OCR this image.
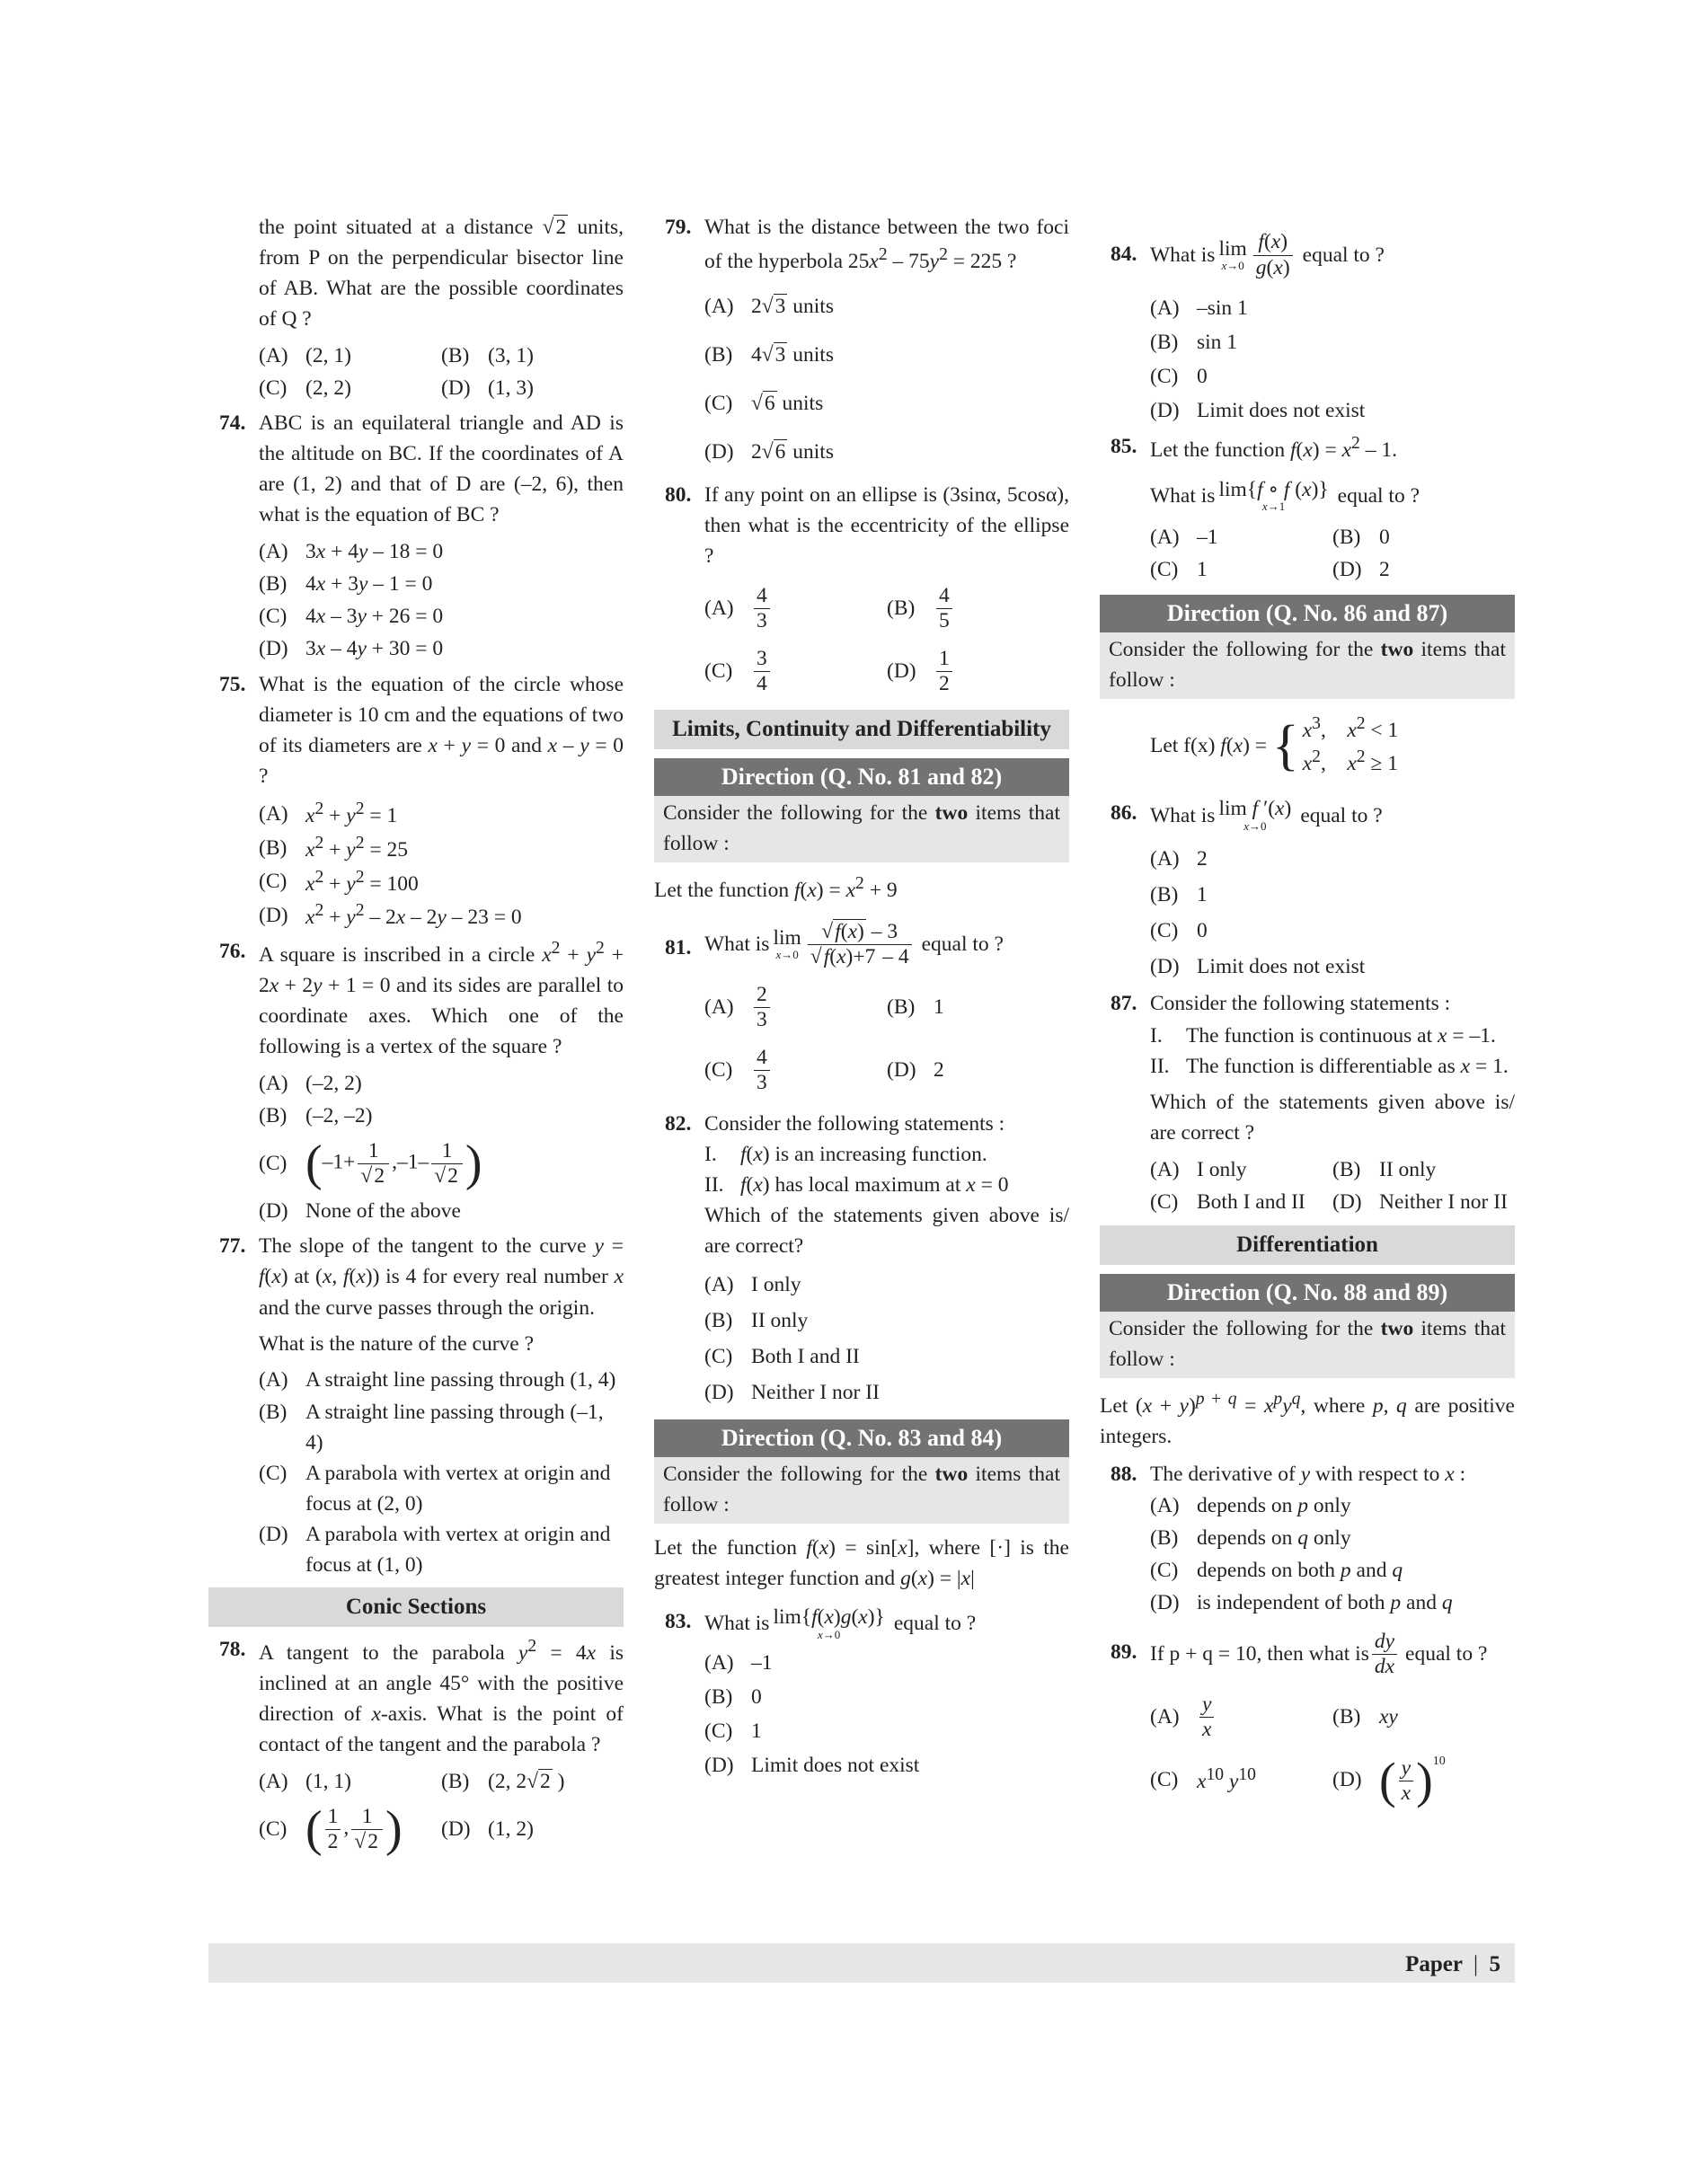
the point situated at a distance √2 units, from P on the perpendicular bisector line of AB. What are the possible coordinates of Q ?

(A) (2, 1)	(B) (3, 1)
(C) (2, 2)	(D) (1, 3)
74. ABC is an equilateral triangle and AD is the altitude on BC. If the coordinates of A are (1, 2) and that of D are (–2, 6), then what is the equation of BC ?

(A) 3x + 4y – 18 = 0
(B) 4x + 3y – 1 = 0
(C) 4x – 3y + 26 = 0
(D) 3x – 4y + 30 = 0
75. What is the equation of the circle whose diameter is 10 cm and the equations of two of its diameters are x + y = 0 and x – y = 0 ?

(A) $x^2 + y^2 = 1$
(B) $x^2 + y^2 = 25$
(C) $x^2 + y^2 = 100$
(D) $x^2 + y^2 - 2x - 2y - 23 = 0$
76. A square is inscribed in a circle $x^2 + y^2 + 2x + 2y + 1 = 0$ and its sides are parallel to coordinate axes. Which one of the following is a vertex of the square ?

(A) (–2, 2)
(B) (–2, –2)
(C) ($-1+ \frac{1}{√2} ,-1- \frac{1}{√2}$ )
(D) None of the above
77. The slope of the tangent to the curve y = f(x) at (x, f(x)) is 4 for every real number x and the curve passes through the origin.

What is the nature of the curve ?

(A) A straight line passing through (1, 4)
(B) A straight line passing through (–1, 4)
(C) A parabola with vertex at origin and focus at (2, 0)
(D) A parabola with vertex at origin and focus at (1, 0)
Conic Sections
78. A tangent to the parabola $y^2 = 4x$ is inclined at an angle 45° with the positive direction of x-axis. What is the point of contact of the tangent and the parabola ?

(A) (1, 1)	(B) (2, 2√2 )
(C) ( $\frac{1}{2}$ , $\frac{1}{√2}$ ) (D) (1, 2)
79. What is the distance between the two foci of the hyperbola $25x^2 - 75y^2 = 225$ ?

(A) 2√3 units
(B) 4√3 units
(C) √6 units
(D) 2√6 units
80. If any point on an ellipse is (3sinα, 5cosα), then what is the eccentricity of the ellipse ?

$(A) \frac{4}{3}$	(B)	$\frac{4}{5}$
(C)	$\frac{3}{4}$	$(D) \frac{1}{2}$
Limits, Continuity and Differentiability
Direction (Q. No. 81 and 82)
Consider the following for the two items that follow :

Let the function $f(x) = x^2 + 9$

81. What is lim
$x\to 0 \frac{√f(x) - 3}{√f(x)+7 - 4}$ equal to ?
$(A) \frac{2}{3}$	(B) 1
(C)	$\frac{4}{3}$	(D) 2
82. Consider the following statements :

I.	f(x) is an increasing function.
II. f(x) has local maximum at x = 0

Which of the statements given above is/ are correct?

(A) I only
(B) II only
(C) Both I and II
(D) Neither I nor II
Direction (Q. No. 83 and 84)
Consider the following for the two items that follow :

Let the function f(x) = sin[x], where [·] is the greatest integer function and g(x) = |x|

83. What is lim{f(x)g(x)}
x→0	equal to ?
(A) –1
(B) 0
(C) 1
(D) Limit does not exist
84. What is lim
$x\to 0 \frac{f(x)}{g(x)}$ equal to ?
(A) –sin 1
(B) sin 1
(C) 0
(D) Limit does not exist
85. Let the function $f(x) = x^2 - 1$.

What is lim{f ∘ f (x)}
x→1	equal to ?
(A) –1	(B) 0
(C) 1	(D) 2
Direction (Q. No. 86 and 87)
Consider the following for the two items that follow :
Let f(x)
f ( x ) = { $x^3$,    $x^2 < 1$
$x^2$,    $x^2 \ge 1$
86. What is lim f ′(x)
x→0	equal to ?
(A) 2
(B) 1
(C) 0
(D) Limit does not exist
87. Consider the following statements :

I.	The function is continuous at x = –1.
II. The function is differentiable as x = 1.

Which of the statements given above is/ are correct ?

(A) I only	(B) II only
(C) Both I and II (D) Neither I nor II
Differentiation
Direction (Q. No. 88 and 89)
Consider the following for the two items that follow :

Let $(x + y)^{p + q} = x^py^q$, where p, q are positive integers.

88. The derivative of y with respect to x :

(A) depends on p only
(B) depends on q only
(C) depends on both p and q
(D) is independent of both p and q
89. If p + q = 10, then what is $\frac{dy}{dx}$ equal to ?
$(A) \frac{y}{x}$	(B) xy
(C) $x^{10}$ $y^{10}$	(D) ( $\frac{y}{x} )^{10}$
Paper | 5
